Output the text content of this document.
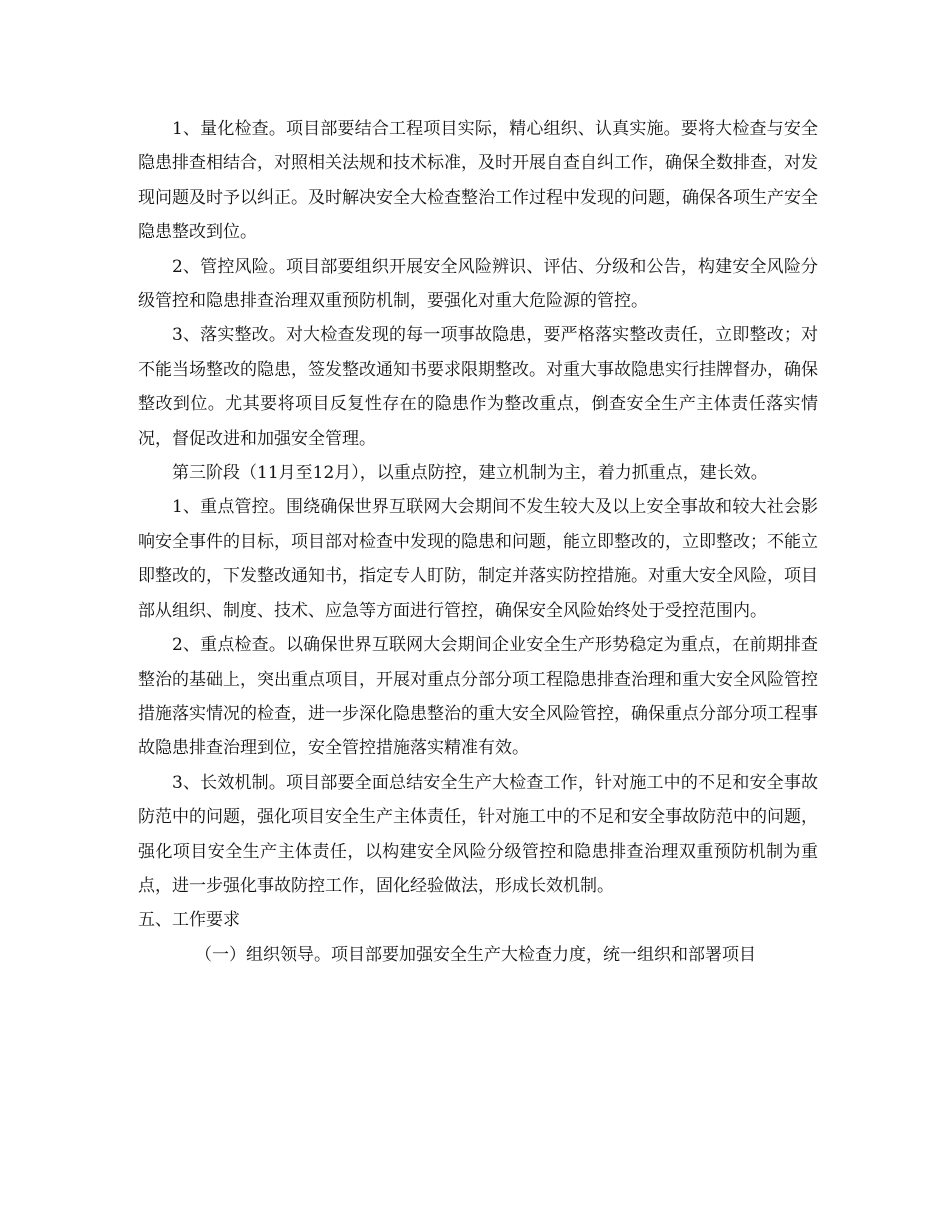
1、量化检查。项目部要结合工程项目实际，精心组织、认真实施。要将大检查与安全隐患排查相结合，对照相关法规和技术标准，及时开展自查自纠工作，确保全数排查，对发现问题及时予以纠正。及时解决安全大检查整治工作过程中发现的问题，确保各项生产安全隐患整改到位。

2、管控风险。项目部要组织开展安全风险辨识、评估、分级和公告，构建安全风险分级管控和隐患排查治理双重预防机制，要强化对重大危险源的管控。

3、落实整改。对大检查发现的每一项事故隐患，要严格落实整改责任，立即整改；对不能当场整改的隐患，签发整改通知书要求限期整改。对重大事故隐患实行挂牌督办，确保整改到位。尤其要将项目反复性存在的隐患作为整改重点，倒查安全生产主体责任落实情况，督促改进和加强安全管理。

第三阶段（11月至12月），以重点防控，建立机制为主，着力抓重点，建长效。

1、重点管控。围绕确保世界互联网大会期间不发生较大及以上安全事故和较大社会影响安全事件的目标，项目部对检查中发现的隐患和问题，能立即整改的，立即整改；不能立即整改的，下发整改通知书，指定专人盯防，制定并落实防控措施。对重大安全风险，项目部从组织、制度、技术、应急等方面进行管控，确保安全风险始终处于受控范围内。

2、重点检查。以确保世界互联网大会期间企业安全生产形势稳定为重点，在前期排查整治的基础上，突出重点项目，开展对重点分部分项工程隐患排查治理和重大安全风险管控措施落实情况的检查，进一步深化隐患整治的重大安全风险管控，确保重点分部分项工程事故隐患排查治理到位，安全管控措施落实精准有效。

3、长效机制。项目部要全面总结安全生产大检查工作，针对施工中的不足和安全事故防范中的问题，强化项目安全生产主体责任，针对施工中的不足和安全事故防范中的问题，强化项目安全生产主体责任，以构建安全风险分级管控和隐患排查治理双重预防机制为重点，进一步强化事故防控工作，固化经验做法，形成长效机制。

五、工作要求

（一）组织领导。项目部要加强安全生产大检查力度，统一组织和部署项目
